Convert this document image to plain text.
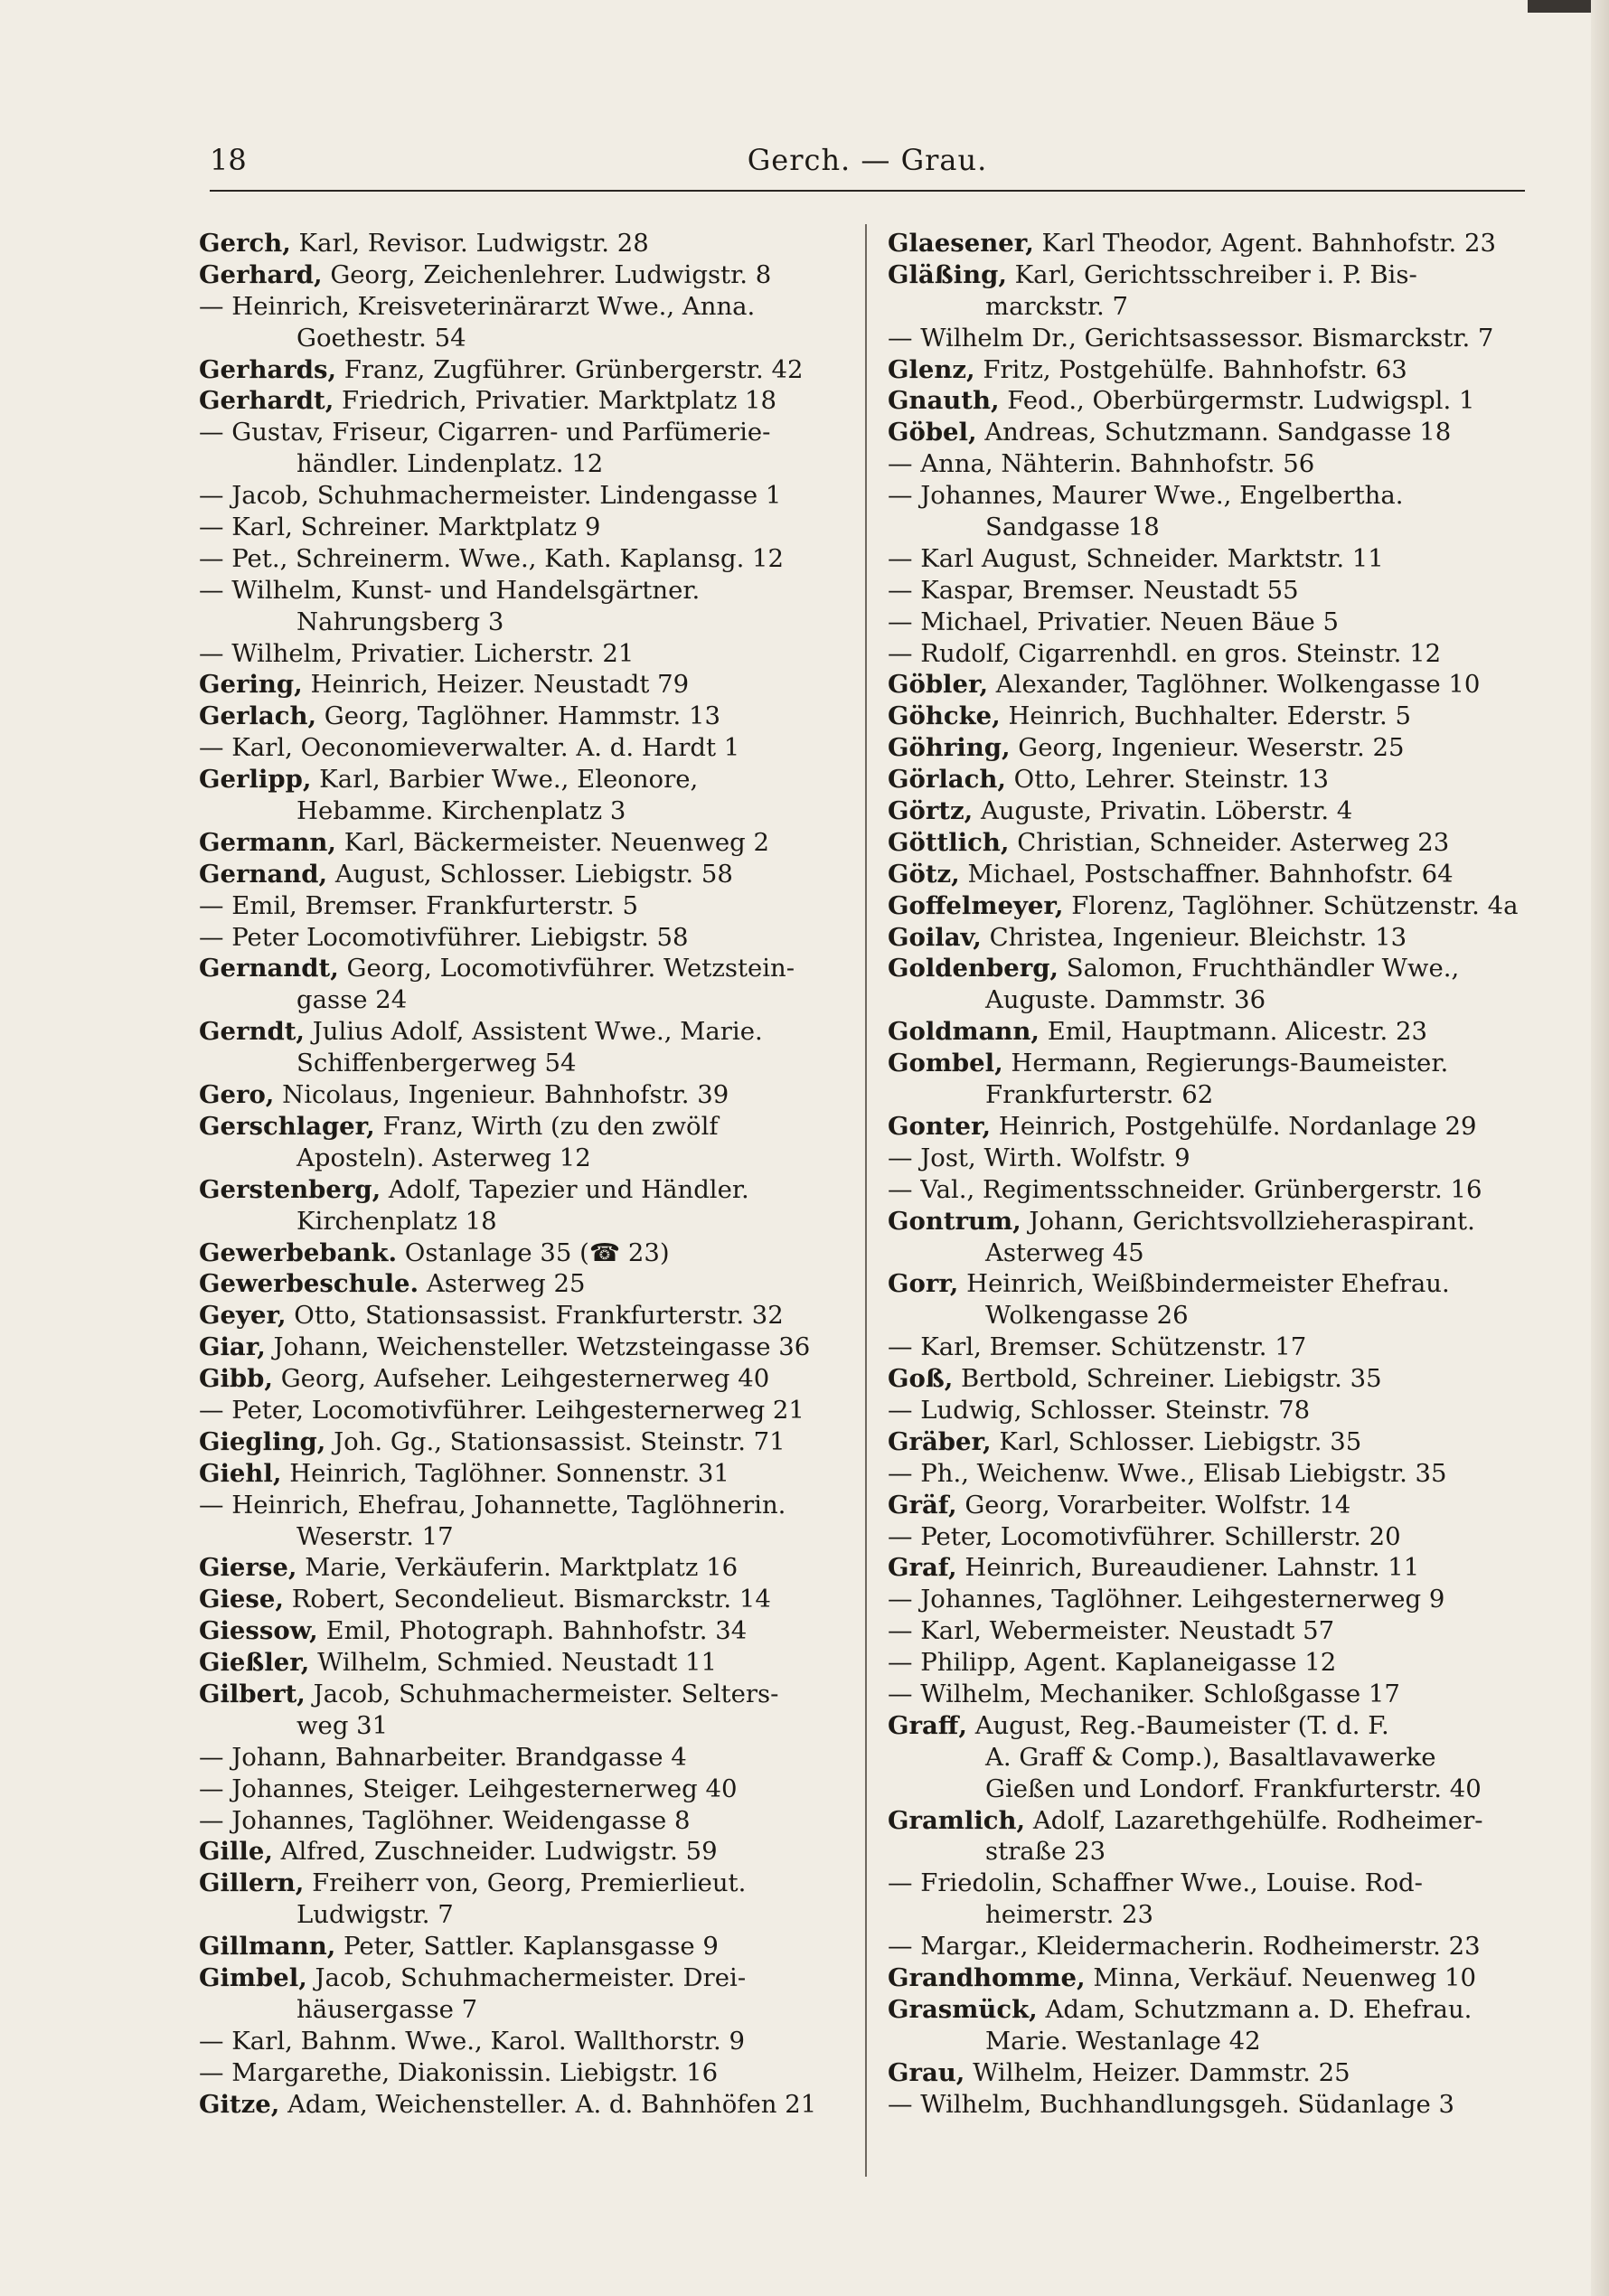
18	Gerch. — Grau.
Gerch, Karl, Revisor. Ludwigstr. 28
Gerhard, Georg, Zeichenlehrer. Ludwigstr. 8
— Heinrich, Kreisveterinärarzt Wwe., Anna.
Goethestr. 54
Gerhards, Franz, Zugführer. Grünbergerstr. 42
Gerhardt, Friedrich, Privatier. Marktplatz 18
— Gustav, Friseur, Cigarren- und Parfümerie-
händler. Lindenplatz. 12
— Jacob, Schuhmachermeister. Lindengasse 1
— Karl, Schreiner. Marktplatz 9
— Pet., Schreinerm. Wwe., Kath. Kaplansg. 12
— Wilhelm, Kunst- und Handelsgärtner.
Nahrungsberg 3
— Wilhelm, Privatier. Licherstr. 21
Gering, Heinrich, Heizer. Neustadt 79
Gerlach, Georg, Taglöhner. Hammstr. 13
— Karl, Oeconomieverwalter. A. d. Hardt 1
Gerlipp, Karl, Barbier Wwe., Eleonore,
Hebamme. Kirchenplatz 3
Germann, Karl, Bäckermeister. Neuenweg 2
Gernand, August, Schlosser. Liebigstr. 58
— Emil, Bremser. Frankfurterstr. 5
— Peter Locomotivführer. Liebigstr. 58
Gernandt, Georg, Locomotivführer. Wetzstein-
gasse 24
Gerndt, Julius Adolf, Assistent Wwe., Marie.
Schiffenbergerweg 54
Gero, Nicolaus, Ingenieur. Bahnhofstr. 39
Gerschlager, Franz, Wirth (zu den zwölf
Aposteln). Asterweg 12
Gerstenberg, Adolf, Tapezier und Händler.
Kirchenplatz 18
Gewerbebank. Ostanlage 35 (☎ 23)
Gewerbeschule. Asterweg 25
Geyer, Otto, Stationsassist. Frankfurterstr. 32
Giar, Johann, Weichensteller. Wetzsteingasse 36
Gibb, Georg, Aufseher. Leihgesternerweg 40
— Peter, Locomotivführer. Leihgesternerweg 21
Giegling, Joh. Gg., Stationsassist. Steinstr. 71
Giehl, Heinrich, Taglöhner. Sonnenstr. 31
— Heinrich, Ehefrau, Johannette, Taglöhnerin.
Weserstr. 17
Gierse, Marie, Verkäuferin. Marktplatz 16
Giese, Robert, Secondelieut. Bismarckstr. 14
Giessow, Emil, Photograph. Bahnhofstr. 34
Gießler, Wilhelm, Schmied. Neustadt 11
Gilbert, Jacob, Schuhmachermeister. Selters-
weg 31
— Johann, Bahnarbeiter. Brandgasse 4
— Johannes, Steiger. Leihgesternerweg 40
— Johannes, Taglöhner. Weidengasse 8
Gille, Alfred, Zuschneider. Ludwigstr. 59
Gillern, Freiherr von, Georg, Premierlieut.
Ludwigstr. 7
Gillmann, Peter, Sattler. Kaplansgasse 9
Gimbel, Jacob, Schuhmachermeister. Drei-
häusergasse 7
— Karl, Bahnm. Wwe., Karol. Wallthorstr. 9
— Margarethe, Diakonissin. Liebigstr. 16
Gitze, Adam, Weichensteller. A. d. Bahnhöfen 21
Glaesener, Karl Theodor, Agent. Bahnhofstr. 23
Gläßing, Karl, Gerichtsschreiber i. P. Bis-
marckstr. 7
— Wilhelm Dr., Gerichtsassessor. Bismarckstr. 7
Glenz, Fritz, Postgehülfe. Bahnhofstr. 63
Gnauth, Feod., Oberbürgermstr. Ludwigspl. 1
Göbel, Andreas, Schutzmann. Sandgasse 18
— Anna, Nähterin. Bahnhofstr. 56
— Johannes, Maurer Wwe., Engelbertha.
Sandgasse 18
— Karl August, Schneider. Marktstr. 11
— Kaspar, Bremser. Neustadt 55
— Michael, Privatier. Neuen Bäue 5
— Rudolf, Cigarrenhdl. en gros. Steinstr. 12
Göbler, Alexander, Taglöhner. Wolkengasse 10
Göhcke, Heinrich, Buchhalter. Ederstr. 5
Göhring, Georg, Ingenieur. Weserstr. 25
Görlach, Otto, Lehrer. Steinstr. 13
Görtz, Auguste, Privatin. Löberstr. 4
Göttlich, Christian, Schneider. Asterweg 23
Götz, Michael, Postschaffner. Bahnhofstr. 64
Goffelmeyer, Florenz, Taglöhner. Schützenstr. 4a
Goilav, Christea, Ingenieur. Bleichstr. 13
Goldenberg, Salomon, Fruchthändler Wwe.,
Auguste. Dammstr. 36
Goldmann, Emil, Hauptmann. Alicestr. 23
Gombel, Hermann, Regierungs-Baumeister.
Frankfurterstr. 62
Gonter, Heinrich, Postgehülfe. Nordanlage 29
— Jost, Wirth. Wolfstr. 9
— Val., Regimentsschneider. Grünbergerstr. 16
Gontrum, Johann, Gerichtsvollzieheraspirant.
Asterweg 45
Gorr, Heinrich, Weißbindermeister Ehefrau.
Wolkengasse 26
— Karl, Bremser. Schützenstr. 17
Goß, Bertbold, Schreiner. Liebigstr. 35
— Ludwig, Schlosser. Steinstr. 78
Gräber, Karl, Schlosser. Liebigstr. 35
— Ph., Weichenw. Wwe., Elisab Liebigstr. 35
Gräf, Georg, Vorarbeiter. Wolfstr. 14
— Peter, Locomotivführer. Schillerstr. 20
Graf, Heinrich, Bureaudiener. Lahnstr. 11
— Johannes, Taglöhner. Leihgesternerweg 9
— Karl, Webermeister. Neustadt 57
— Philipp, Agent. Kaplaneigasse 12
— Wilhelm, Mechaniker. Schloßgasse 17
Graff, August, Reg.-Baumeister (T. d. F.
A. Graff & Comp.), Basaltlavawerke
Gießen und Londorf. Frankfurterstr. 40
Gramlich, Adolf, Lazarethgehülfe. Rodheimer-
straße 23
— Friedolin, Schaffner Wwe., Louise. Rod-
heimerstr. 23
— Margar., Kleidermacherin. Rodheimerstr. 23
Grandhomme, Minna, Verkäuf. Neuenweg 10
Grasmück, Adam, Schutzmann a. D. Ehefrau.
Marie. Westanlage 42
Grau, Wilhelm, Heizer. Dammstr. 25
— Wilhelm, Buchhandlungsgeh. Südanlage 3
